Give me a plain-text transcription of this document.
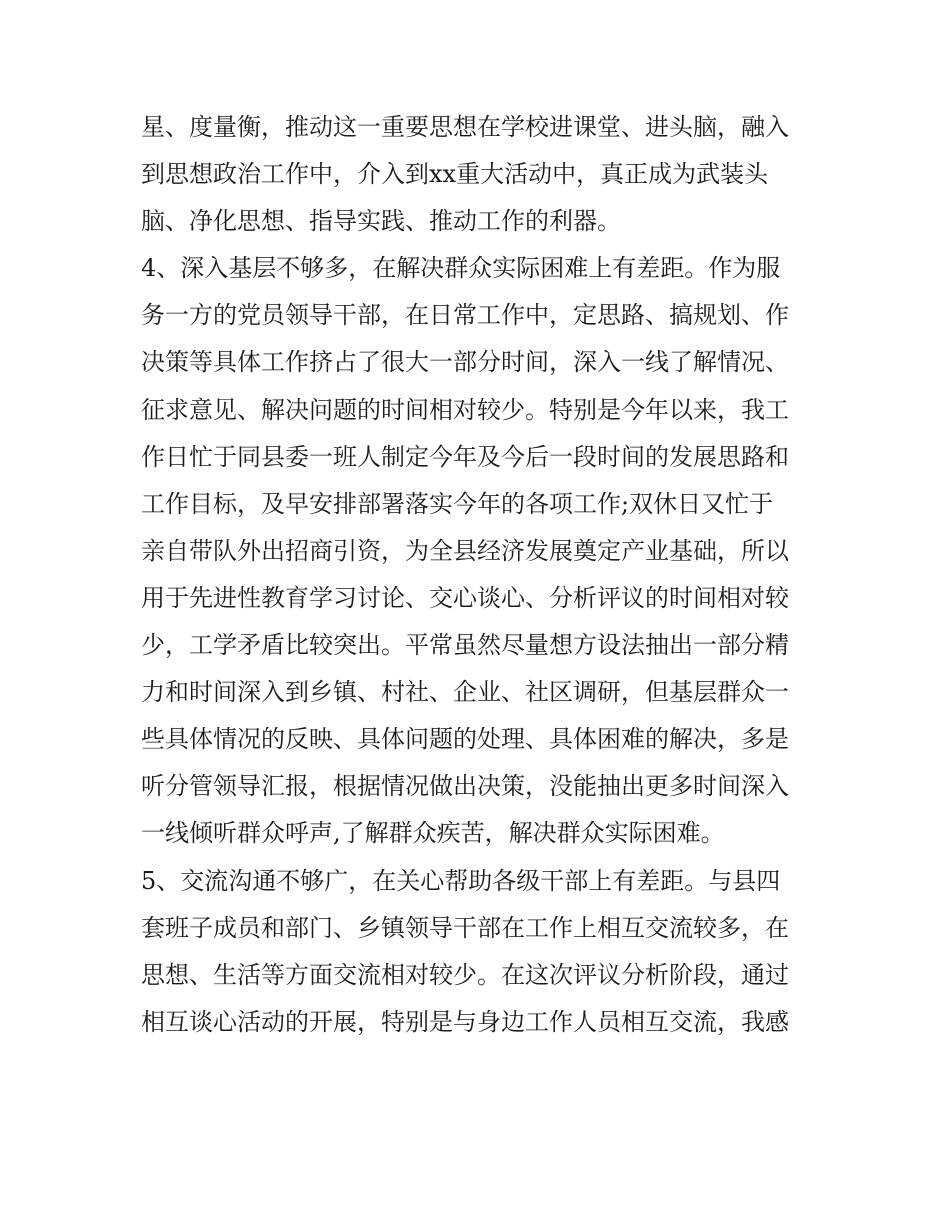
星、度量衡，推动这一重要思想在学校进课堂、进头脑，融入
到思想政治工作中，介入到xx重大活动中，真正成为武装头
脑、净化思想、指导实践、推动工作的利器。
4、深入基层不够多，在解决群众实际困难上有差距。作为服
务一方的党员领导干部，在日常工作中，定思路、搞规划、作
决策等具体工作挤占了很大一部分时间，深入一线了解情况、
征求意见、解决问题的时间相对较少。特别是今年以来，我工
作日忙于同县委一班人制定今年及今后一段时间的发展思路和
工作目标，及早安排部署落实今年的各项工作;双休日又忙于
亲自带队外出招商引资，为全县经济发展奠定产业基础，所以
用于先进性教育学习讨论、交心谈心、分析评议的时间相对较
少，工学矛盾比较突出。平常虽然尽量想方设法抽出一部分精
力和时间深入到乡镇、村社、企业、社区调研，但基层群众一
些具体情况的反映、具体问题的处理、具体困难的解决，多是
听分管领导汇报，根据情况做出决策，没能抽出更多时间深入
一线倾听群众呼声,了解群众疾苦，解决群众实际困难。
5、交流沟通不够广，在关心帮助各级干部上有差距。与县四
套班子成员和部门、乡镇领导干部在工作上相互交流较多，在
思想、生活等方面交流相对较少。在这次评议分析阶段，通过
相互谈心活动的开展，特别是与身边工作人员相互交流，我感
